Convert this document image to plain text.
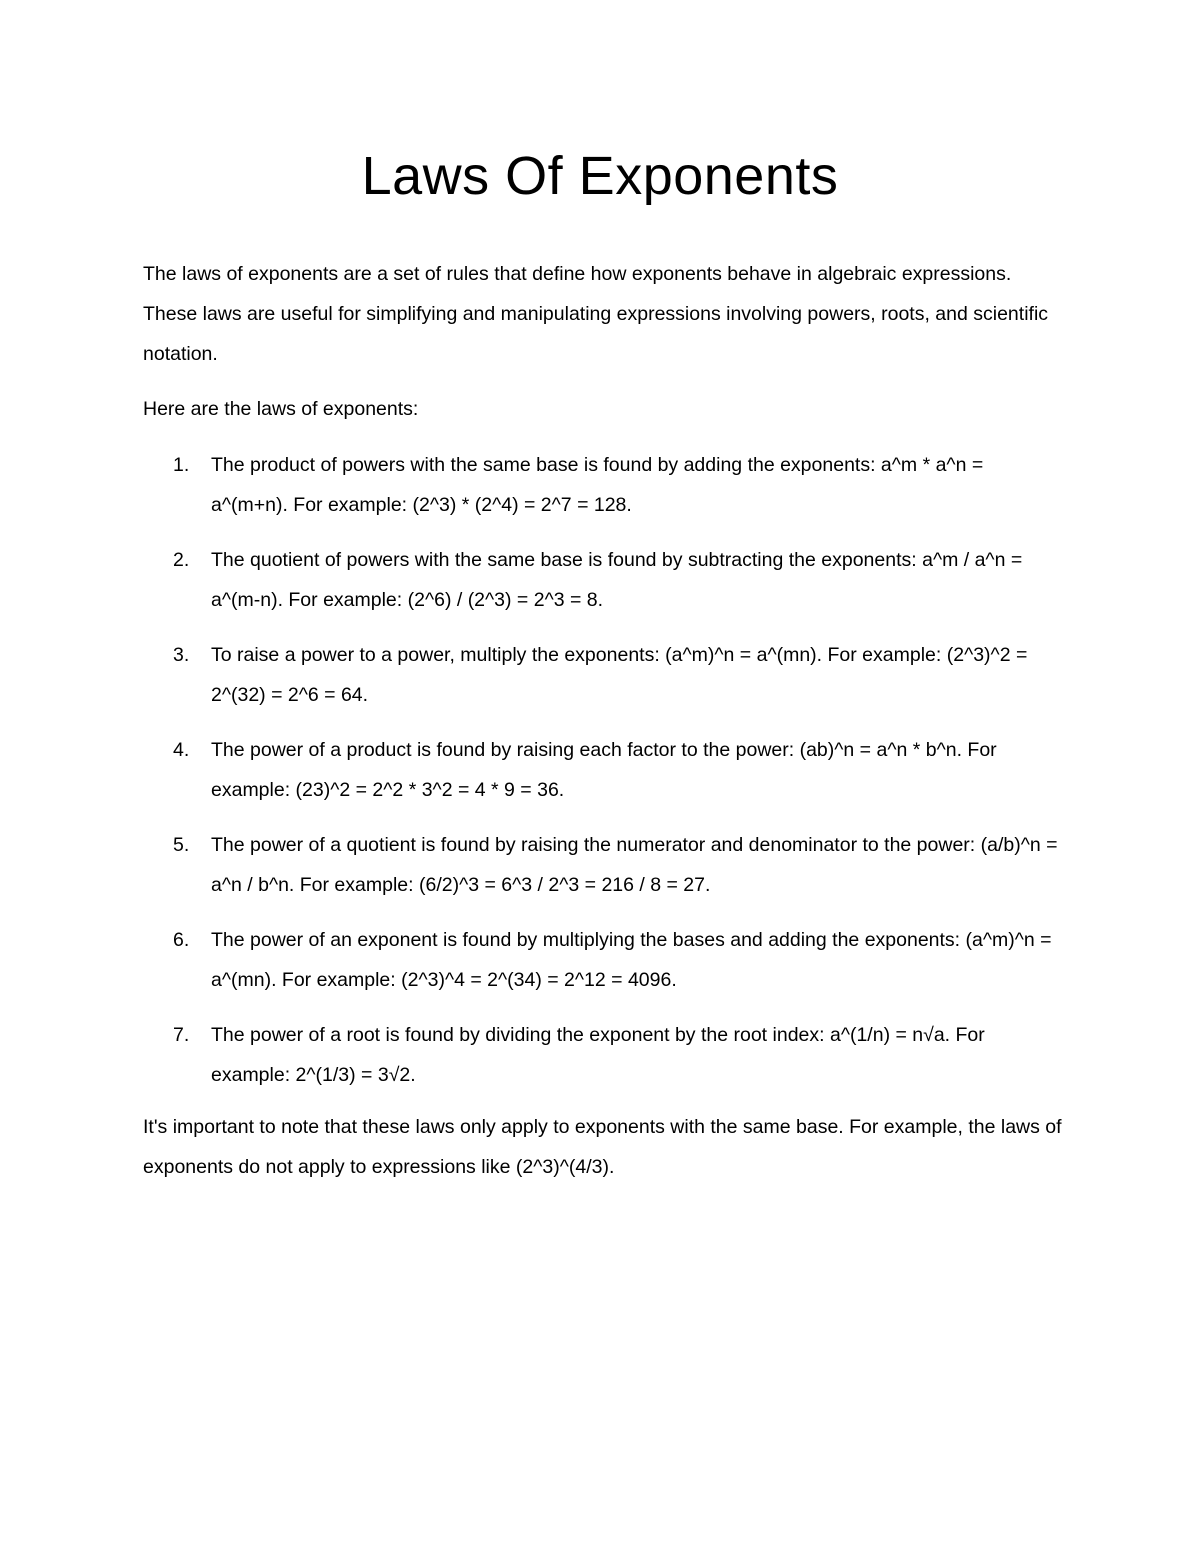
Laws Of Exponents

The laws of exponents are a set of rules that define how exponents behave in algebraic expressions. These laws are useful for simplifying and manipulating expressions involving powers, roots, and scientific notation.

Here are the laws of exponents:

1. The product of powers with the same base is found by adding the exponents: a^m * a^n = a^(m+n). For example: (2^3) * (2^4) = 2^7 = 128.
2. The quotient of powers with the same base is found by subtracting the exponents: a^m / a^n = a^(m-n). For example: (2^6) / (2^3) = 2^3 = 8.
3. To raise a power to a power, multiply the exponents: (a^m)^n = a^(mn). For example: (2^3)^2 = 2^(32) = 2^6 = 64.
4. The power of a product is found by raising each factor to the power: (ab)^n = a^n * b^n. For example: (23)^2 = 2^2 * 3^2 = 4 * 9 = 36.
5. The power of a quotient is found by raising the numerator and denominator to the power: (a/b)^n = a^n / b^n. For example: (6/2)^3 = 6^3 / 2^3 = 216 / 8 = 27.
6. The power of an exponent is found by multiplying the bases and adding the exponents: (a^m)^n = a^(mn). For example: (2^3)^4 = 2^(34) = 2^12 = 4096.
7. The power of a root is found by dividing the exponent by the root index: a^(1/n) = n√a. For example: 2^(1/3) = 3√2.

It's important to note that these laws only apply to exponents with the same base. For example, the laws of exponents do not apply to expressions like (2^3)^(4/3).
